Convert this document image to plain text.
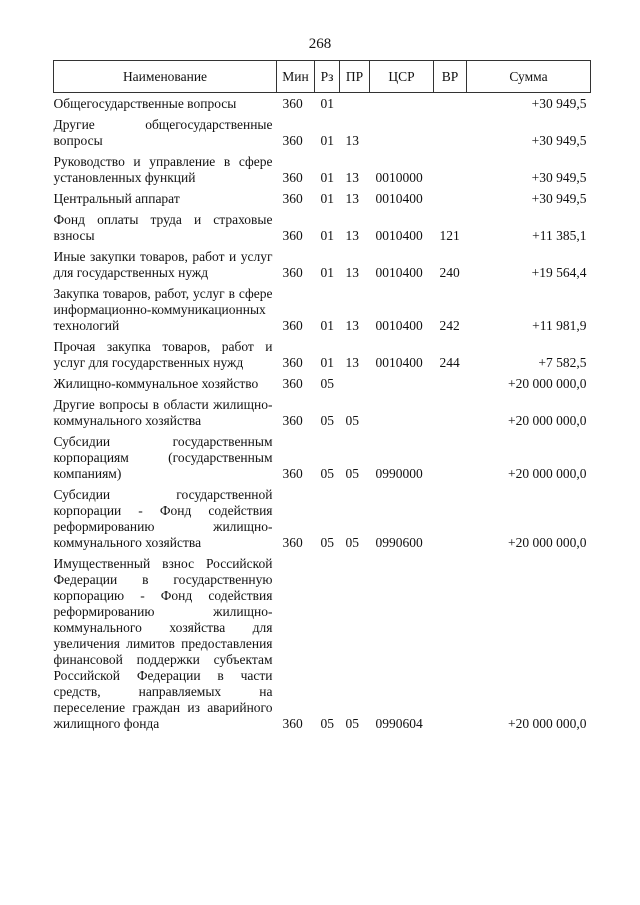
268
Наименование	Мин	Рз	ПР	ЦСР	ВР	Сумма
Общегосударственные вопросы	360	01				+30 949,5
Другие общегосударственные вопросы	360	01	13			+30 949,5
Руководство и управление в сфере установленных функций	360	01	13	0010000		+30 949,5
Центральный аппарат	360	01	13	0010400		+30 949,5
Фонд оплаты труда и страховые взносы	360	01	13	0010400	121	+11 385,1
Иные закупки товаров, работ и услуг для государственных нужд	360	01	13	0010400	240	+19 564,4
Закупка товаров, работ, услуг в сфере информационно-коммуникационных технологий	360	01	13	0010400	242	+11 981,9
Прочая закупка товаров, работ и услуг для государственных нужд	360	01	13	0010400	244	+7 582,5
Жилищно-коммунальное хозяйство	360	05				+20 000 000,0
Другие вопросы в области жилищно-коммунального хозяйства	360	05	05			+20 000 000,0
Субсидии государственным корпорациям (государственным компаниям)	360	05	05	0990000		+20 000 000,0
Субсидии государственной корпорации - Фонд содействия реформированию жилищно-коммунального хозяйства	360	05	05	0990600		+20 000 000,0
Имущественный взнос Российской Федерации в государственную корпорацию - Фонд содействия реформированию жилищно-коммунального хозяйства для увеличения лимитов предоставления финансовой поддержки субъектам Российской Федерации в части средств, направляемых на переселение граждан из аварийного жилищного фонда	360	05	05	0990604		+20 000 000,0
